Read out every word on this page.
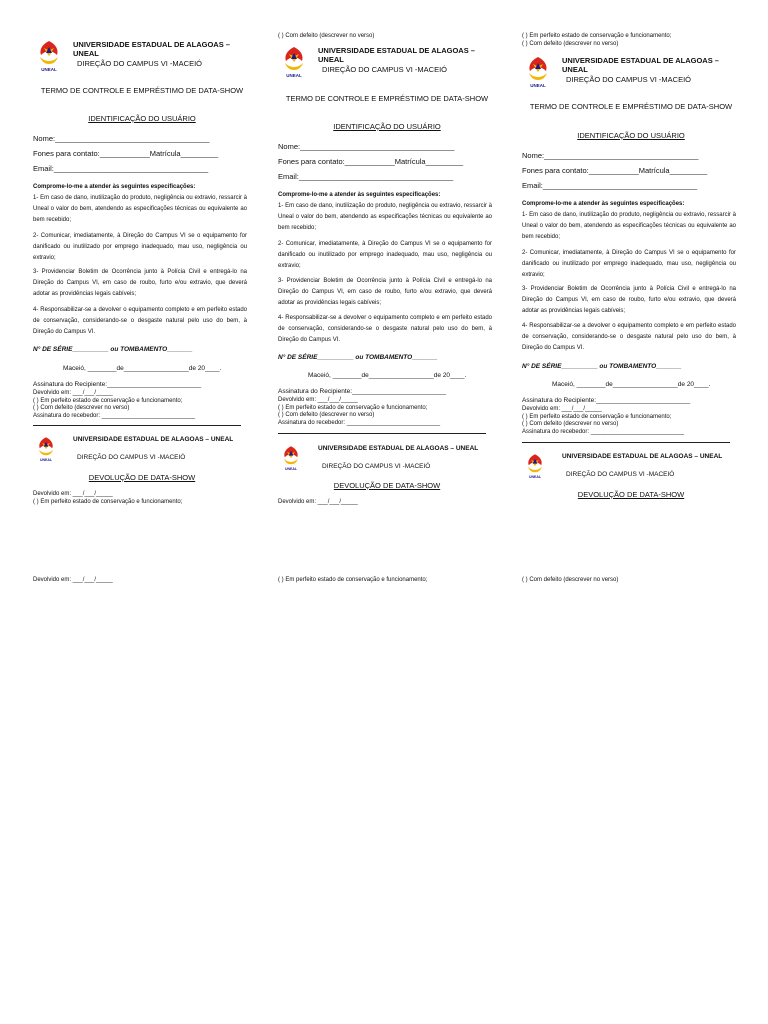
UNEAL
UNIVERSIDADE ESTADUAL DE ALAGOAS – UNEAL
DIREÇÃO DO CAMPUS VI -MACEIÓ
TERMO DE CONTROLE E EMPRÉSTIMO DE DATA-SHOW
IDENTIFICAÇÃO DO USUÁRIO
Nome:_____________________________________
Fones para contato:____________Matrícula_________
Email:_____________________________________
Comprome-lo-me a atender às seguintes especificações:
1- Em caso de dano, inutilização do produto, negligência ou extravio, ressarcir à Uneal o valor do bem, atendendo as especificações técnicas ou equivalente ao bem recebido;
2- Comunicar, imediatamente, à Direção do Campus VI se o equipamento for danificado ou inutilizado por emprego inadequado, mau uso, negligência ou extravio;
3- Providenciar Boletim de Ocorrência junto à Polícia Civil e entregá-lo na Direção do Campus VI, em caso de roubo, furto e/ou extravio, que deverá adotar as providências legais cabíveis;
4- Responsabilizar-se a devolver o equipamento completo e em perfeito estado de conservação, considerando-se o desgaste natural pelo uso do bem, à Direção do Campus VI.
N° DE SÉRIE__________ ou TOMBAMENTO_______
Maceió, ________de__________________de 20____.
Assinatura do Recipiente:__________________________
Devolvido em: ___/___/_____
( ) Em perfeito estado de conservação e funcionamento;
( ) Com defeito (descrever no verso)
Assinatura do recebedor: ____________________________
UNEAL
UNIVERSIDADE ESTADUAL DE ALAGOAS – UNEAL
DIREÇÃO DO CAMPUS VI -MACEIÓ
DEVOLUÇÃO DE DATA-SHOW
Devolvido em: ___/___/_____
( ) Em perfeito estado de conservação e funcionamento;
( ) Com defeito (descrever no verso)
UNEAL
UNIVERSIDADE ESTADUAL DE ALAGOAS – UNEAL
DIREÇÃO DO CAMPUS VI -MACEIÓ
TERMO DE CONTROLE E EMPRÉSTIMO DE DATA-SHOW
IDENTIFICAÇÃO DO USUÁRIO
Nome:_____________________________________
Fones para contato:____________Matrícula_________
Email:_____________________________________
Comprome-lo-me a atender às seguintes especificações:
1- Em caso de dano, inutilização do produto, negligência ou extravio, ressarcir à Uneal o valor do bem, atendendo as especificações técnicas ou equivalente ao bem recebido;
2- Comunicar, imediatamente, à Direção do Campus VI se o equipamento for danificado ou inutilizado por emprego inadequado, mau uso, negligência ou extravio;
3- Providenciar Boletim de Ocorrência junto à Polícia Civil e entregá-lo na Direção do Campus VI, em caso de roubo, furto e/ou extravio, que deverá adotar as providências legais cabíveis;
4- Responsabilizar-se a devolver o equipamento completo e em perfeito estado de conservação, considerando-se o desgaste natural pelo uso do bem, à Direção do Campus VI.
N° DE SÉRIE__________ ou TOMBAMENTO_______
Maceió, ________de__________________de 20____.
Assinatura do Recipiente:__________________________
Devolvido em: ___/___/_____
( ) Em perfeito estado de conservação e funcionamento;
( ) Com defeito (descrever no verso)
Assinatura do recebedor: ____________________________
UNEAL
UNIVERSIDADE ESTADUAL DE ALAGOAS – UNEAL
DIREÇÃO DO CAMPUS VI -MACEIÓ
DEVOLUÇÃO DE DATA-SHOW
Devolvido em: ___/___/_____
( ) Em perfeito estado de conservação e funcionamento;
( ) Com defeito (descrever no verso)
UNEAL
UNIVERSIDADE ESTADUAL DE ALAGOAS – UNEAL
DIREÇÃO DO CAMPUS VI -MACEIÓ
TERMO DE CONTROLE E EMPRÉSTIMO DE DATA-SHOW
IDENTIFICAÇÃO DO USUÁRIO
Nome:_____________________________________
Fones para contato:____________Matrícula_________
Email:_____________________________________
Comprome-lo-me a atender às seguintes especificações:
1- Em caso de dano, inutilização do produto, negligência ou extravio, ressarcir à Uneal o valor do bem, atendendo as especificações técnicas ou equivalente ao bem recebido;
2- Comunicar, imediatamente, à Direção do Campus VI se o equipamento for danificado ou inutilizado por emprego inadequado, mau uso, negligência ou extravio;
3- Providenciar Boletim de Ocorrência junto à Polícia Civil e entregá-lo na Direção do Campus VI, em caso de roubo, furto e/ou extravio, que deverá adotar as providências legais cabíveis;
4- Responsabilizar-se a devolver o equipamento completo e em perfeito estado de conservação, considerando-se o desgaste natural pelo uso do bem, à Direção do Campus VI.
N° DE SÉRIE__________ ou TOMBAMENTO_______
Maceió, ________de__________________de 20____.
Assinatura do Recipiente:__________________________
Devolvido em: ___/___/_____
( ) Em perfeito estado de conservação e funcionamento;
( ) Com defeito (descrever no verso)
Assinatura do recebedor: ____________________________
UNEAL
UNIVERSIDADE ESTADUAL DE ALAGOAS – UNEAL
DIREÇÃO DO CAMPUS VI -MACEIÓ
DEVOLUÇÃO DE DATA-SHOW
Devolvido em: ___/___/_____	( ) Em perfeito estado de conservação e funcionamento;	( ) Com defeito (descrever no verso)
